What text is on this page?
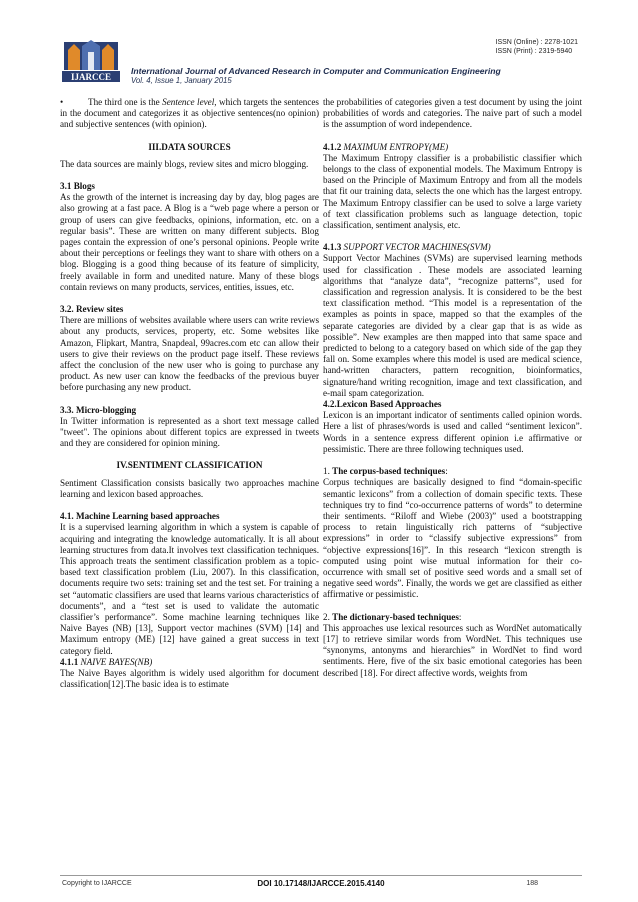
ISSN (Online) : 2278-1021
ISSN (Print) : 2319-5940
IJARCCE
International Journal of Advanced Research in Computer and Communication Engineering
Vol. 4, Issue 1, January 2015

•	The third one is the Sentence level, which targets the sentences in the document and categorizes it as objective sentences(no opinion) and subjective sentences (with opinion).

III.DATA SOURCES

The data sources are mainly blogs, review sites and micro blogging.

3.1 Blogs

As the growth of the internet is increasing day by day, blog pages are also growing at a fast pace. A Blog is a “web page where a person or group of users can give feedbacks, opinions, information, etc. on a regular basis”. These are written on many different subjects. Blog pages contain the expression of one’s personal opinions. People write about their perceptions or feelings they want to share with others on a blog. Blogging is a good thing because of its feature of simplicity, freely available in form and unedited nature. Many of these blogs contain reviews on many products, services, entities, issues, etc.

3.2. Review sites

There are millions of websites available where users can write reviews about any products, services, property, etc. Some websites like Amazon, Flipkart, Mantra, Snapdeal, 99acres.com etc can allow their users to give their reviews on the product page itself. These reviews affect the conclusion of the new user who is going to purchase any product. As new user can know the feedbacks of the previous buyer before purchasing any new product.

3.3. Micro-blogging

In Twitter information is represented as a short text message called "tweet". The opinions about different topics are expressed in tweets and they are considered for opinion mining.

IV.SENTIMENT CLASSIFICATION

Sentiment Classification consists basically two approaches machine learning and lexicon based approaches.

4.1. Machine Learning based approaches

It is a supervised learning algorithm in which a system is capable of acquiring and integrating the knowledge automatically. It is all about learning structures from data.It involves text classification techniques. This approach treats the sentiment classification problem as a topic-based text classification problem (Liu, 2007). In this classification, documents require two sets: training set and the test set. For training a set “automatic classifiers are used that learns various characteristics of documents”, and a “test set is used to validate the automatic classifier’s performance”. Some machine learning techniques like Naive Bayes (NB) [13], Support vector machines (SVM) [14] and Maximum entropy (ME) [12] have gained a great success in text category field.

4.1.1 NAIVE BAYES(NB)

The Naive Bayes algorithm is widely used algorithm for document classification[12].The basic idea is to estimate

the probabilities of categories given a test document by using the joint probabilities of words and categories. The naive part of such a model is the assumption of word independence.

4.1.2 MAXIMUM ENTROPY(ME)

The Maximum Entropy classifier is a probabilistic classifier which belongs to the class of exponential models. The Maximum Entropy is based on the Principle of Maximum Entropy and from all the models that fit our training data, selects the one which has the largest entropy. The Maximum Entropy classifier can be used to solve a large variety of text classification problems such as language detection, topic classification, sentiment analysis, etc.

4.1.3 SUPPORT VECTOR MACHINES(SVM)

Support Vector Machines (SVMs) are supervised learning methods used for classification . These models are associated learning algorithms that “analyze data”, “recognize patterns”, used for classification and regression analysis. It is considered to be the best text classification method. “This model is a representation of the examples as points in space, mapped so that the examples of the separate categories are divided by a clear gap that is as wide as possible”. New examples are then mapped into that same space and predicted to belong to a category based on which side of the gap they fall on. Some examples where this model is used are medical science, hand-written characters, pattern recognition, bioinformatics, signature/hand writing recognition, image and text classification, and e-mail spam categorization.

4.2.Lexicon Based Approaches

Lexicon is an important indicator of sentiments called opinion words. Here a list of phrases/words is used and called “sentiment lexicon”. Words in a sentence express different opinion i.e affirmative or pessimistic. There are three following techniques used.

1. The corpus-based techniques:

Corpus techniques are basically designed to find “domain-specific semantic lexicons” from a collection of domain specific texts. These techniques try to find “co-occurrence patterns of words” to determine their sentiments. “Riloff and Wiebe (2003)” used a bootstrapping process to retain linguistically rich patterns of “subjective expressions” in order to “classify subjective expressions” from “objective expressions[16]”. In this research “lexicon strength is computed using point wise mutual information for their co- occurrence with small set of positive seed words and a small set of negative seed words”. Finally, the words we get are classified as either affirmative or pessimistic.

2. The dictionary-based techniques:

This approaches use lexical resources such as WordNet automatically [17] to retrieve similar words from WordNet. This techniques use “synonyms, antonyms and hierarchies” in WordNet to find word sentiments. Here, five of the six basic emotional categories has been described [18]. For direct affective words, weights from

Copyright to IJARCCE	DOI 10.17148/IJARCCE.2015.4140	188
